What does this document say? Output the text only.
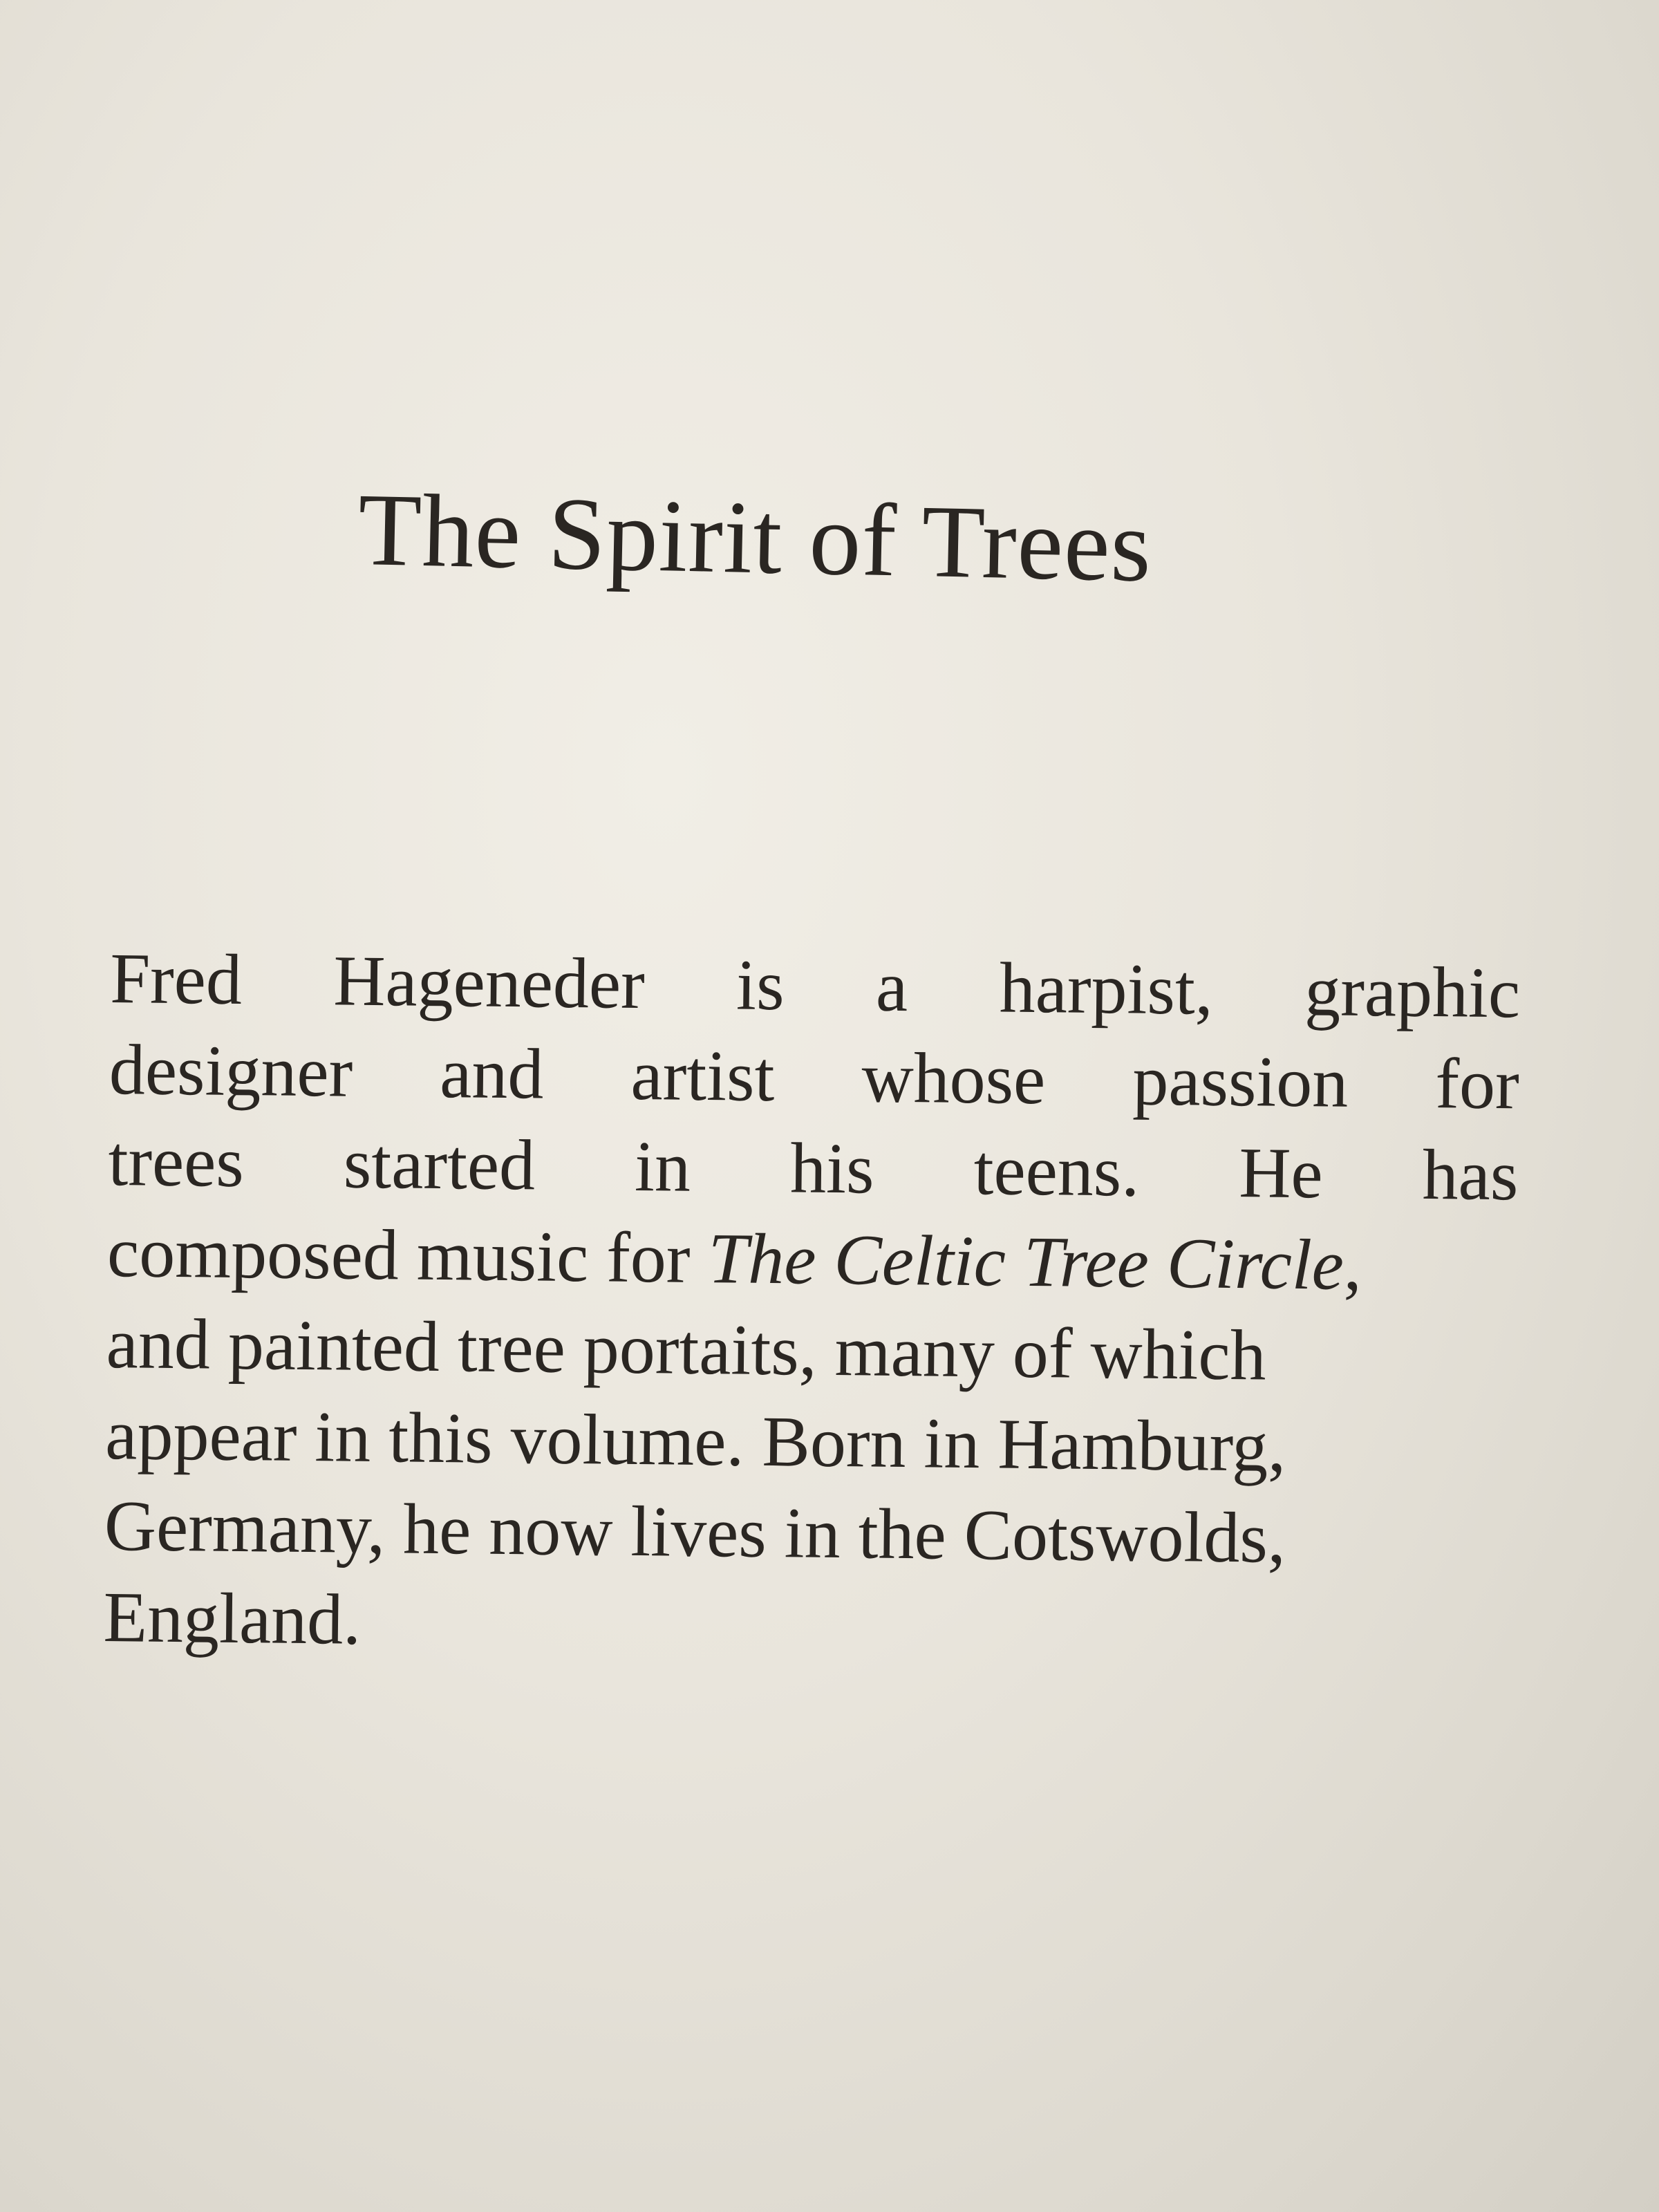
The Spirit of Trees
Fred Hageneder is a harpist, graphic
designer and artist whose passion for
trees started in his teens. He has
composed music for The Celtic Tree Circle,
and painted tree portaits, many of which
appear in this volume. Born in Hamburg,
Germany, he now lives in the Cotswolds,
England.
